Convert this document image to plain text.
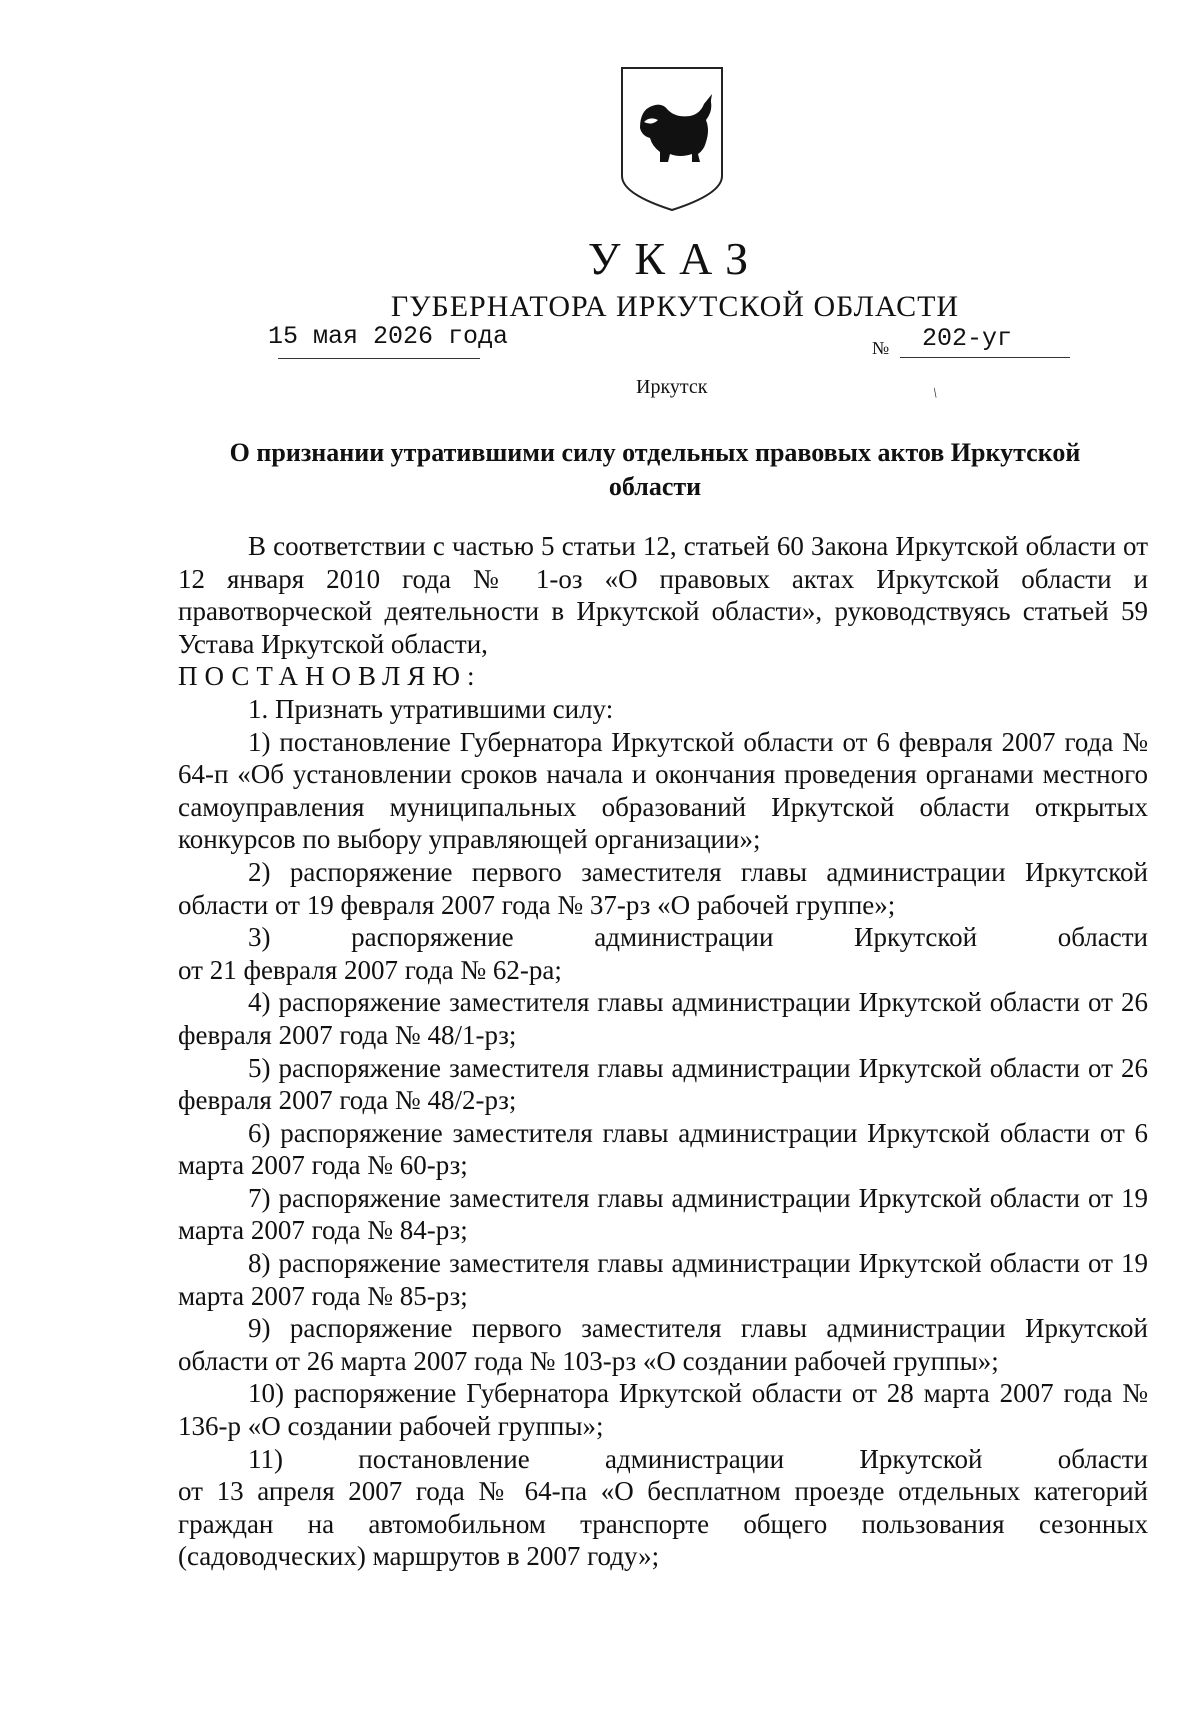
УКАЗ
ГУБЕРНАТОРА ИРКУТСКОЙ ОБЛАСТИ
15 мая 2026 года	№ 202-уг
Иркутск	/
О признании утратившими силу отдельных правовых актов Иркутской
области

В соответствии с частью 5 статьи 12, статьей 60 Закона Иркутской области от 12 января 2010 года № 1-оз «О правовых актах Иркутской области и правотворческой деятельности в Иркутской области», руководствуясь статьей 59 Устава Иркутской области,

ПОСТАНОВЛЯЮ:

1. Признать утратившими силу:

1) постановление Губернатора Иркутской области от 6 февраля 2007 года № 64-п «Об установлении сроков начала и окончания проведения органами местного самоуправления муниципальных образований Иркутской области открытых конкурсов по выбору управляющей организации»;

2) распоряжение первого заместителя главы администрации Иркутской области от 19 февраля 2007 года № 37-рз «О рабочей группе»;

3) распоряжение администрации Иркутской области

от 21 февраля 2007 года № 62-ра;

4) распоряжение заместителя главы администрации Иркутской области от 26 февраля 2007 года № 48/1-рз;

5) распоряжение заместителя главы администрации Иркутской области от 26 февраля 2007 года № 48/2-рз;

6) распоряжение заместителя главы администрации Иркутской области от 6 марта 2007 года № 60-рз;

7) распоряжение заместителя главы администрации Иркутской области от 19 марта 2007 года № 84-рз;

8) распоряжение заместителя главы администрации Иркутской области от 19 марта 2007 года № 85-рз;

9) распоряжение первого заместителя главы администрации Иркутской области от 26 марта 2007 года № 103-рз «О создании рабочей группы»;

10) распоряжение Губернатора Иркутской области от 28 марта 2007 года № 136-р «О создании рабочей группы»;

11) постановление администрации Иркутской области

от 13 апреля 2007 года № 64-па «О бесплатном проезде отдельных категорий граждан на автомобильном транспорте общего пользования сезонных (садоводческих) маршрутов в 2007 году»;
